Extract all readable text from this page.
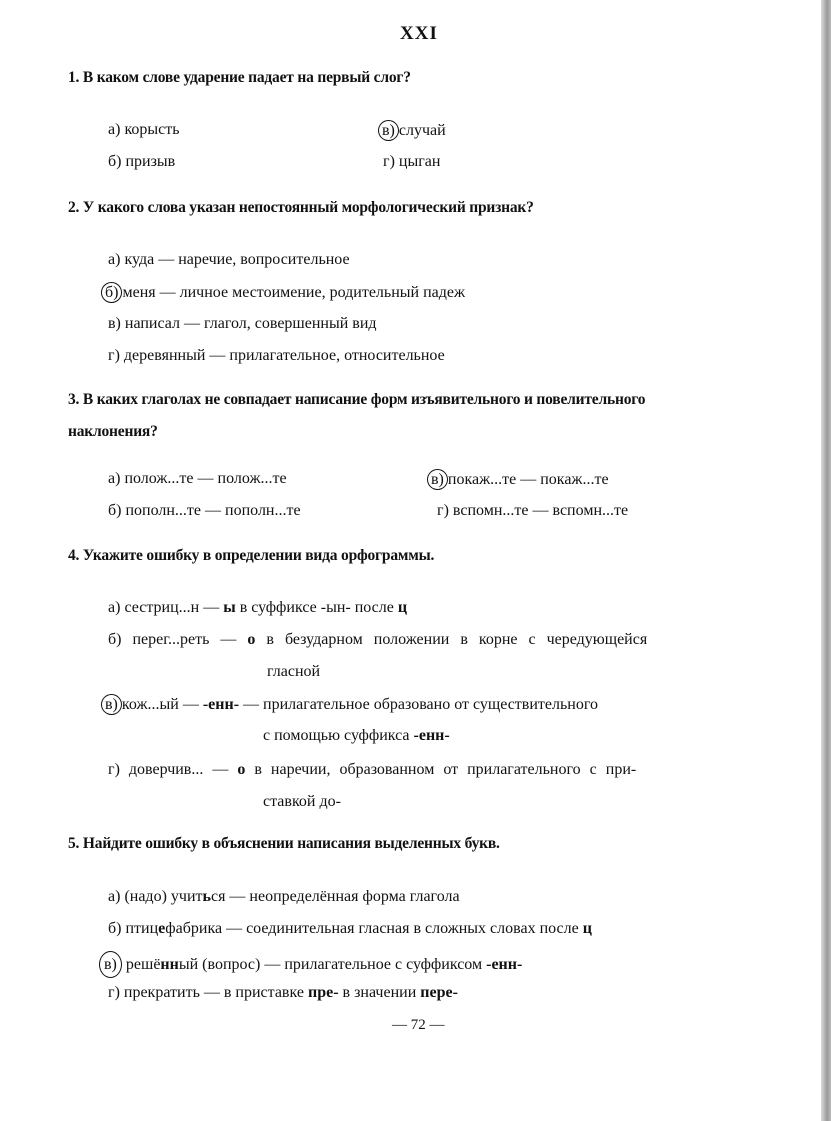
XXI
1. В каком слове ударение падает на первый слог?
а) корысть
б) призыв
в) случай
г) цыган
2. У какого слова указан непостоянный морфологический признак?
а) куда — наречие, вопросительное
б) меня — личное местоимение, родительный падеж
в) написал — глагол, совершенный вид
г) деревянный — прилагательное, относительное
3. В каких глаголах не совпадает написание форм изъявительного и повелительного
наклонения?
а) полож...те — полож...те
б) пополн...те — пополн...те
в) покаж...те — покаж...те
г) вспомн...те — вспомн...те
4. Укажите ошибку в определении вида орфограммы.
а) сестриц...н — ы в суффиксе -ын- после ц
б) перег...реть — о в безударном положении в корне с чередующейся
гласной
в) кож...ый — -енн- — прилагательное образовано от существительного
с помощью суффикса -енн-
г) доверчив... — о в наречии, образованном от прилагательного с при-
ставкой до-
5. Найдите ошибку в объяснении написания выделенных букв.
а) (надо) учиться — неопределённая форма глагола
б) птицефабрика — соединительная гласная в сложных словах после ц
в) решённый (вопрос) — прилагательное с суффиксом -енн-
г) прекратить — в приставке пре- в значении пере-
— 72 —
